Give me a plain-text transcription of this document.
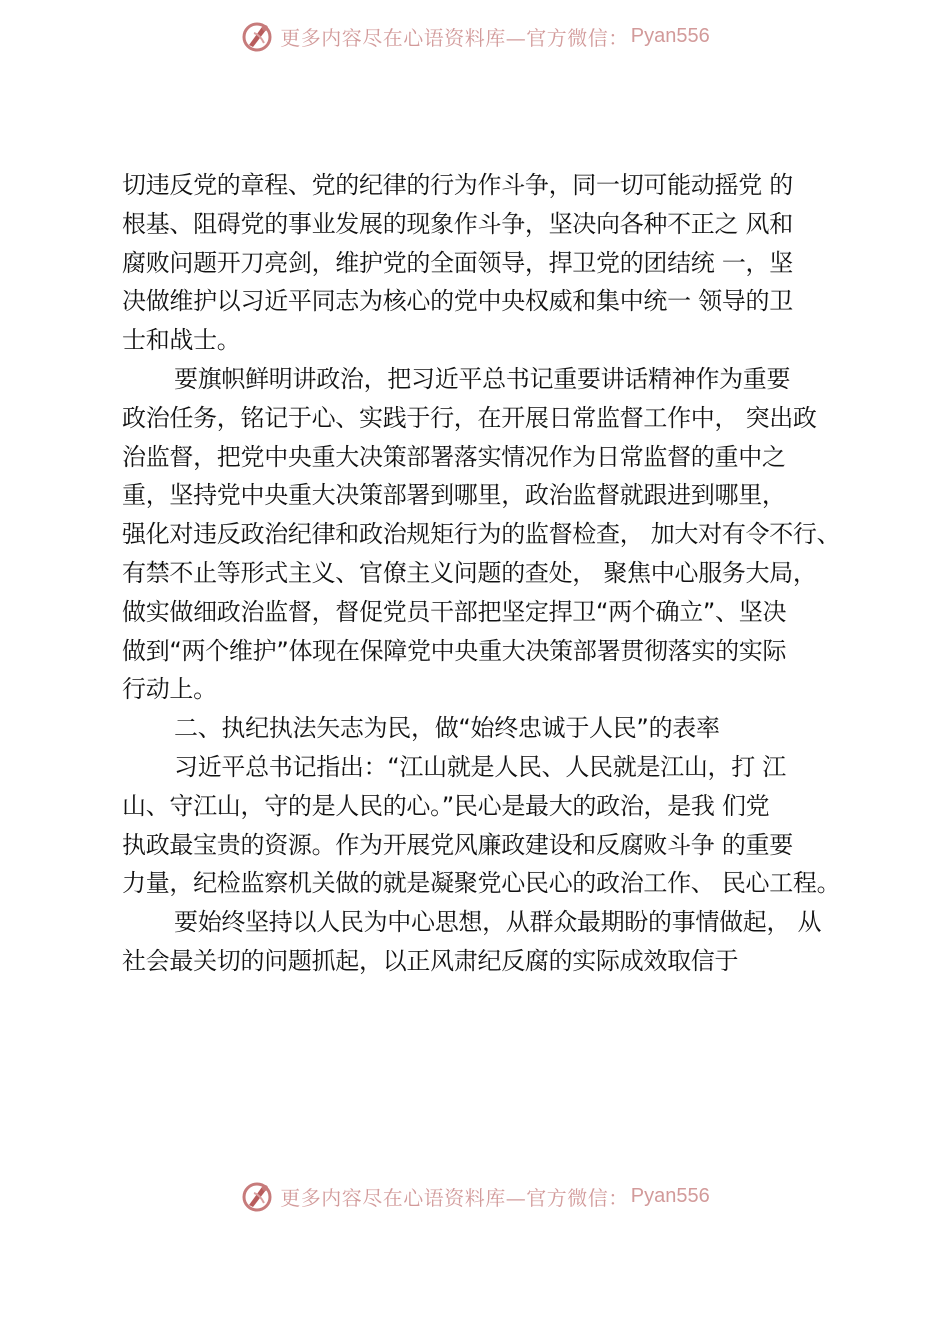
更多内容尽在心语资料库—官方微信： Pyan556
切违反党的章程、党的纪律的行为作斗争，同一切可能动摇党 的
根基、阻碍党的事业发展的现象作斗争，坚决向各种不正之 风和
腐败问题开刀亮剑，维护党的全面领导，捍卫党的团结统 一，坚
决做维护以习近平同志为核心的党中央权威和集中统一 领导的卫
士和战士。
要旗帜鲜明讲政治，把习近平总书记重要讲话精神作为重要
政治任务，铭记于心、实践于行，在开展日常监督工作中， 突出政
治监督，把党中央重大决策部署落实情况作为日常监督的重中之
重，坚持党中央重大决策部署到哪里，政治监督就跟进到哪里，
强化对违反政治纪律和政治规矩行为的监督检查， 加大对有令不行、
有禁不止等形式主义、官僚主义问题的查处， 聚焦中心服务大局，
做实做细政治监督，督促党员干部把坚定捍卫“两个确立”、坚决
做到“两个维护”体现在保障党中央重大决策部署贯彻落实的实际
行动上。
二、执纪执法矢志为民，做“始终忠诚于人民”的表率
习近平总书记指出：“江山就是人民、人民就是江山，打 江
山、守江山，守的是人民的心。”民心是最大的政治，是我 们党
执政最宝贵的资源。作为开展党风廉政建设和反腐败斗争 的重要
力量，纪检监察机关做的就是凝聚党心民心的政治工作、 民心工程。
要始终坚持以人民为中心思想，从群众最期盼的事情做起， 从
社会最关切的问题抓起，以正风肃纪反腐的实际成效取信于
更多内容尽在心语资料库—官方微信： Pyan556
